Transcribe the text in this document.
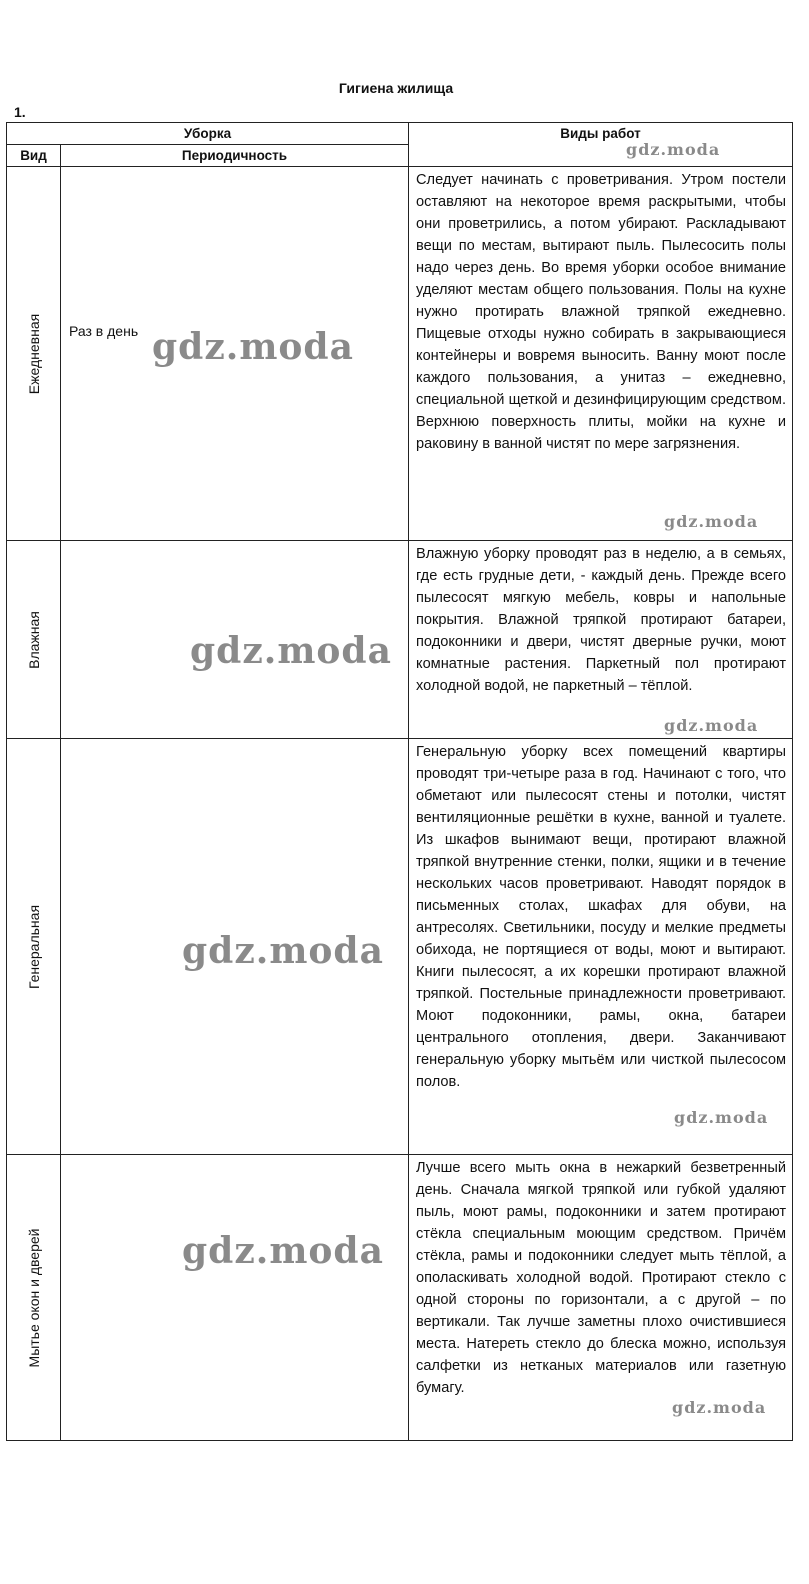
Гигиена жилища
1.
Уборка		Виды работ
Вид	Периодичность	

Ежедневная	Раз в день	Следует начинать с проветривания. Утром постели оставляют на некоторое время раскрытыми, чтобы они проветрились, а потом убирают. Раскладывают вещи по местам, вытирают пыль. Пылесосить полы надо через день. Во время уборки особое внимание уделяют местам общего пользования. Полы на кухне нужно протирать влажной тряпкой ежедневно. Пищевые отходы нужно собирать в закрывающиеся контейнеры и вовремя выносить. Ванну моют после каждого пользования, а унитаз – ежедневно, специальной щеткой и дезинфицирующим средством. Верхнюю поверхность плиты, мойки на кухне и раковину в ванной чистят по мере загрязнения.

Влажная		Влажную уборку проводят раз в неделю, а в семьях, где есть грудные дети, - каждый день. Прежде всего пылесосят мягкую мебель, ковры и напольные покрытия. Влажной тряпкой протирают батареи, подоконники и двери, чистят дверные ручки, моют комнатные растения. Паркетный пол протирают холодной водой, не паркетный – тёплой.

Генеральная		Генеральную уборку всех помещений квартиры проводят три-четыре раза в год. Начинают с того, что обметают или пылесосят стены и потолки, чистят вентиляционные решётки в кухне, ванной и туалете. Из шкафов вынимают вещи, протирают влажной тряпкой внутренние стенки, полки, ящики и в течение нескольких часов проветривают. Наводят порядок в письменных столах, шкафах для обуви, на антресолях. Светильники, посуду и мелкие предметы обихода, не портящиеся от воды, моют и вытирают. Книги пылесосят, а их корешки протирают влажной тряпкой. Постельные принадлежности проветривают. Моют подоконники, рамы, окна, батареи центрального отопления, двери. Заканчивают генеральную уборку мытьём или чисткой пылесосом полов.

Мытье окон и дверей		Лучше всего мыть окна в нежаркий безветренный день. Сначала мягкой тряпкой или губкой удаляют пыль, моют рамы, подоконники и затем протирают стёкла специальным моющим средством. Причём стёкла, рамы и подоконники следует мыть тёплой, а ополаскивать холодной водой. Протирают стекло с одной стороны по горизонтали, а с другой – по вертикали. Так лучше заметны плохо очистившиеся места. Натереть стекло до блеска можно, используя салфетки из нетканых материалов или газетную бумагу.
gdz.moda
gdz.moda
gdz.moda
gdz.moda
gdz.moda
gdz.moda
gdz.moda
gdz.moda
gdz.moda
